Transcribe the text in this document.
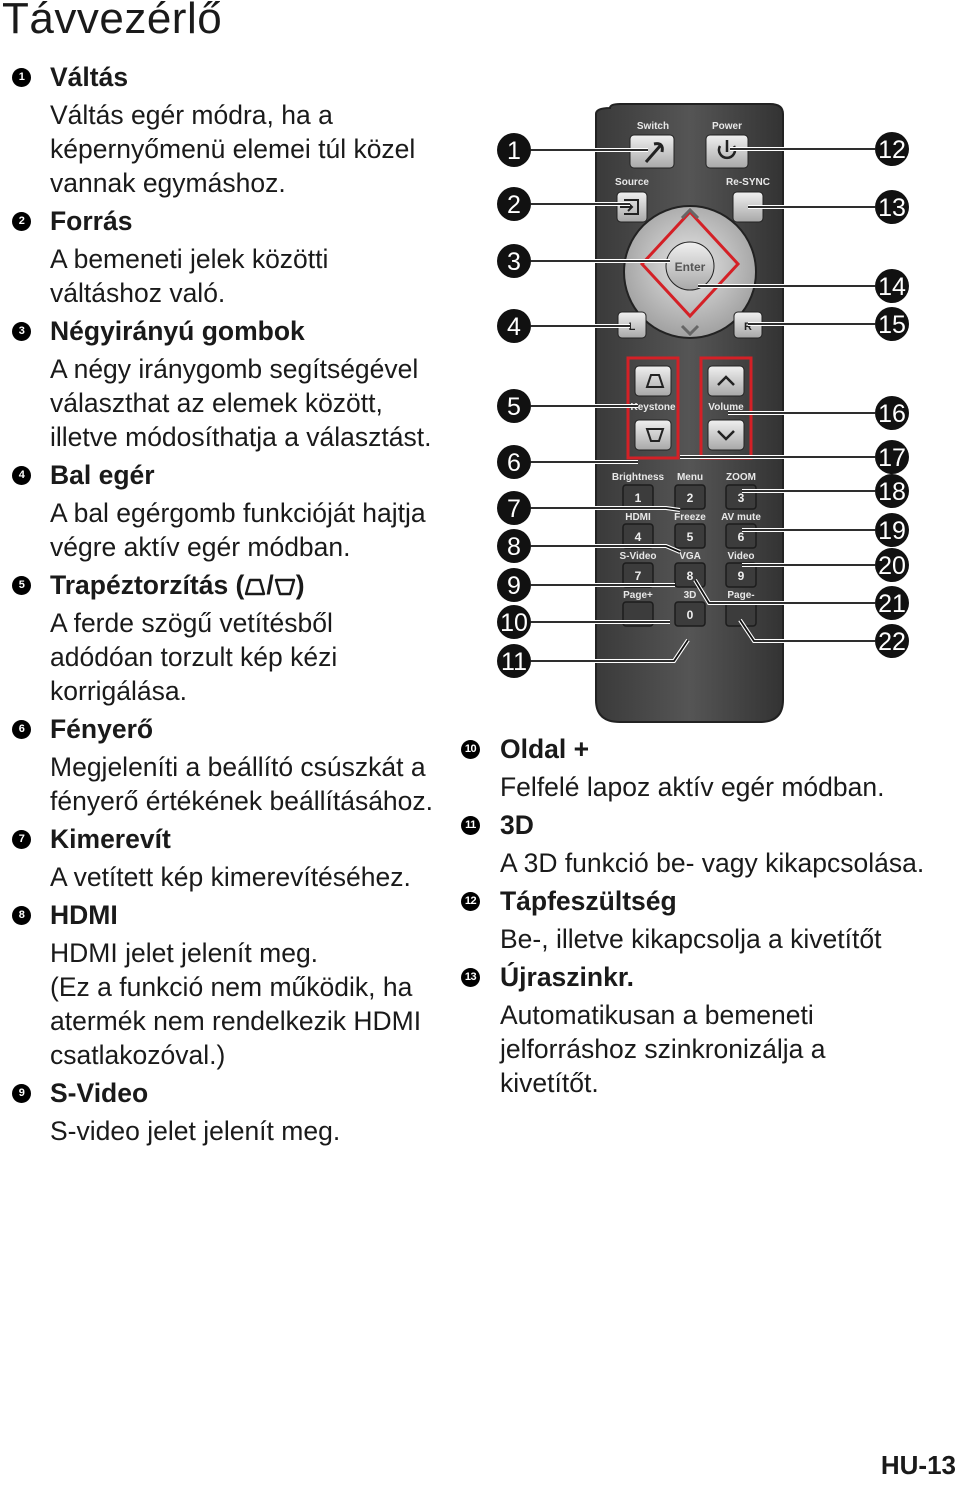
Távvezérlő
1 Váltás
Váltás egér módra, ha a képernyőmenü elemei túl közel vannak egymáshoz.
2 Forrás
A bemeneti jelek közötti váltáshoz való.
3 Négyirányú gombok
A négy iránygomb segítségével választhat az elemek között, illetve módosíthatja a választást.
4 Bal egér
A bal egérgomb funkcióját hajtja végre aktív egér módban.
5 Trapéztorzítás ( / )
A ferde szögű vetítésből adódóan torzult kép kézi korrigálása.
6 Fényerő
Megjeleníti a beállító csúszkát a fényerő értékének beállításához.
7 Kimerevít
A vetített kép kimerevítéséhez.
8 HDMI
HDMI jelet jelenít meg.
(Ez a funkció nem működik, ha atermék nem rendelkezik HDMI csatlakozóval.)
9 S-Video
S-video jelet jelenít meg.
Switch	Power
Source	Re-SYNC
Enter
L	R
Keystone	Volume
Brightness Menu ZOOM
HDMI Freeze AV mute
S-Video VGA	Video
Page+	3D	Page-
1	2	3
4	5	6
7	8	9
0
1
2
3
4
5
6
7
8
9
10
11
12
13
14
15
16
17
18
19
20
21
22
10 Oldal +
Felfelé lapoz aktív egér módban.
11 3D
A 3D funkció be- vagy kikapcsolása.
12 Tápfeszültség
Be-, illetve kikapcsolja a kivetítőt
13 Újraszinkr.
Automatikusan a bemeneti jelforráshoz szinkronizálja a kivetítőt.
HU-13
